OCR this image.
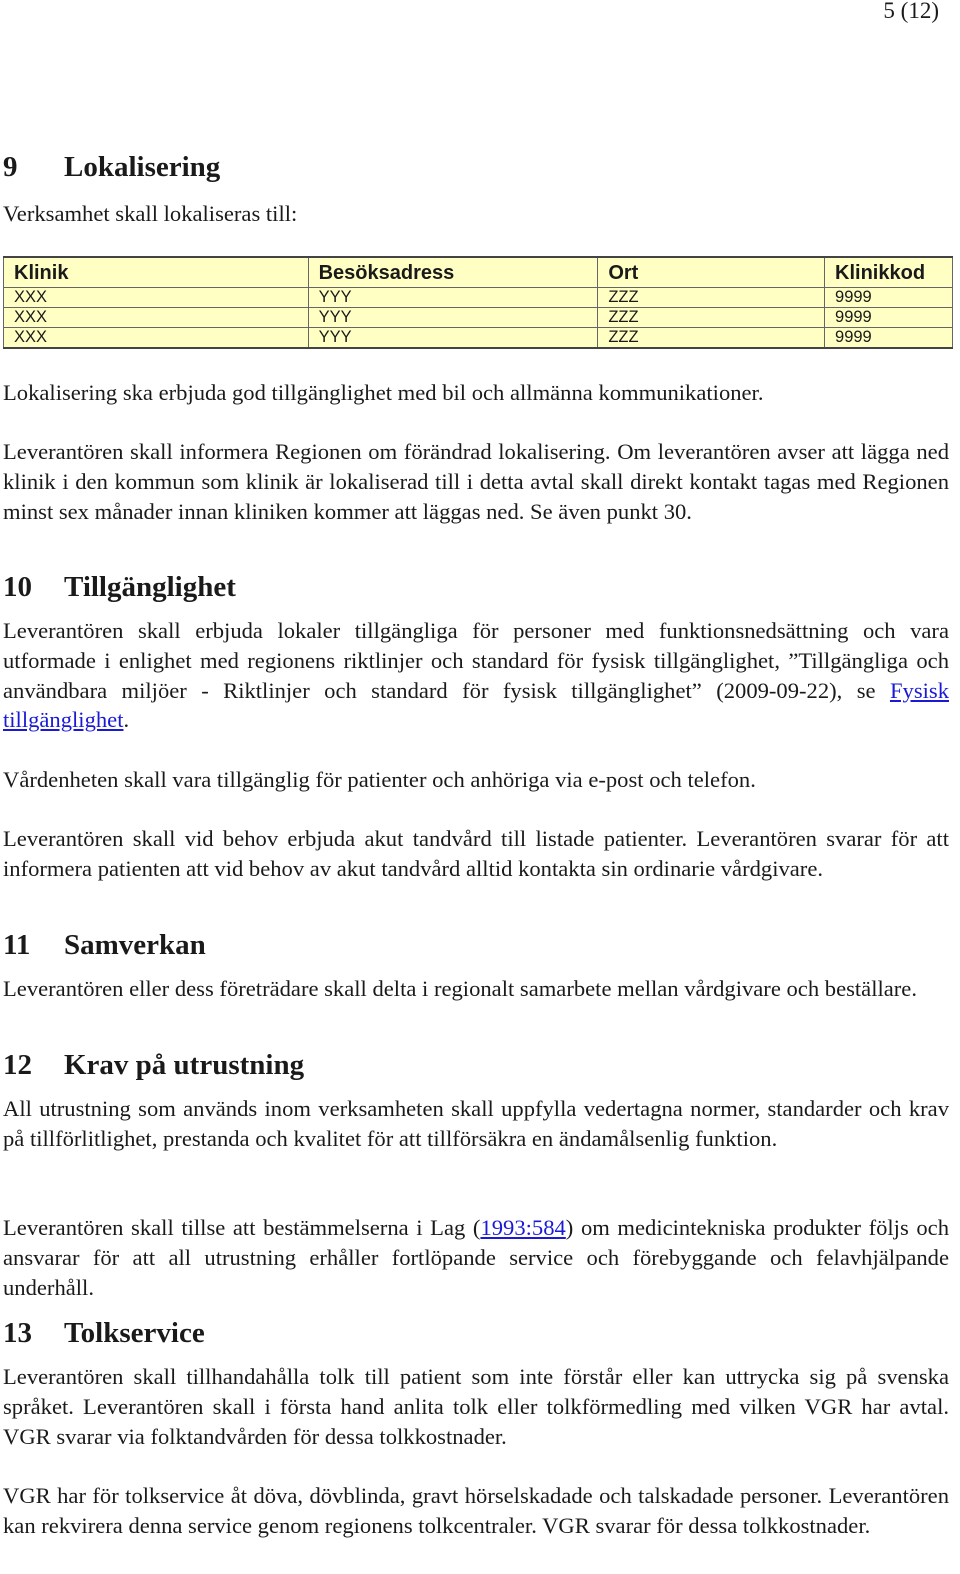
5 (12)
9 Lokalisering

Verksamhet skall lokaliseras till:

Klinik	Besöksadress	Ort	Klinikkod
XXX	YYY	ZZZ	9999
XXX	YYY	ZZZ	9999
XXX	YYY	ZZZ	9999

Lokalisering ska erbjuda god tillgänglighet med bil och allmänna kommunikationer.

Leverantören skall informera Regionen om förändrad lokalisering. Om leverantören avser att lägga ned klinik i den kommun som klinik är lokaliserad till i detta avtal skall direkt kontakt tagas med Regionen minst sex månader innan kliniken kommer att läggas ned. Se även punkt 30.

10 Tillgänglighet

Leverantören skall erbjuda lokaler tillgängliga för personer med funktionsnedsättning och vara utformade i enlighet med regionens riktlinjer och standard för fysisk tillgänglighet, ”Tillgängliga och användbara miljöer - Riktlinjer och standard för fysisk tillgänglighet” (2009-09-22), se Fysisk tillgänglighet.

Vårdenheten skall vara tillgänglig för patienter och anhöriga via e-post och telefon.

Leverantören skall vid behov erbjuda akut tandvård till listade patienter. Leverantören svarar för att informera patienten att vid behov av akut tandvård alltid kontakta sin ordinarie vårdgivare.

11 Samverkan

Leverantören eller dess företrädare skall delta i regionalt samarbete mellan vårdgivare och beställare.

12 Krav på utrustning

All utrustning som används inom verksamheten skall uppfylla vedertagna normer, standarder och krav på tillförlitlighet, prestanda och kvalitet för att tillförsäkra en ändamålsenlig funktion.

Leverantören skall tillse att bestämmelserna i Lag (1993:584) om medicintekniska produkter följs och ansvarar för att all utrustning erhåller fortlöpande service och förebyggande och felavhjälpande underhåll.

13 Tolkservice

Leverantören skall tillhandahålla tolk till patient som inte förstår eller kan uttrycka sig på svenska språket. Leverantören skall i första hand anlita tolk eller tolkförmedling med vilken VGR har avtal. VGR svarar via folktandvården för dessa tolkkostnader.

VGR har för tolkservice åt döva, dövblinda, gravt hörselskadade och talskadade personer. Leverantören kan rekvirera denna service genom regionens tolkcentraler. VGR svarar för dessa tolkkostnader.
